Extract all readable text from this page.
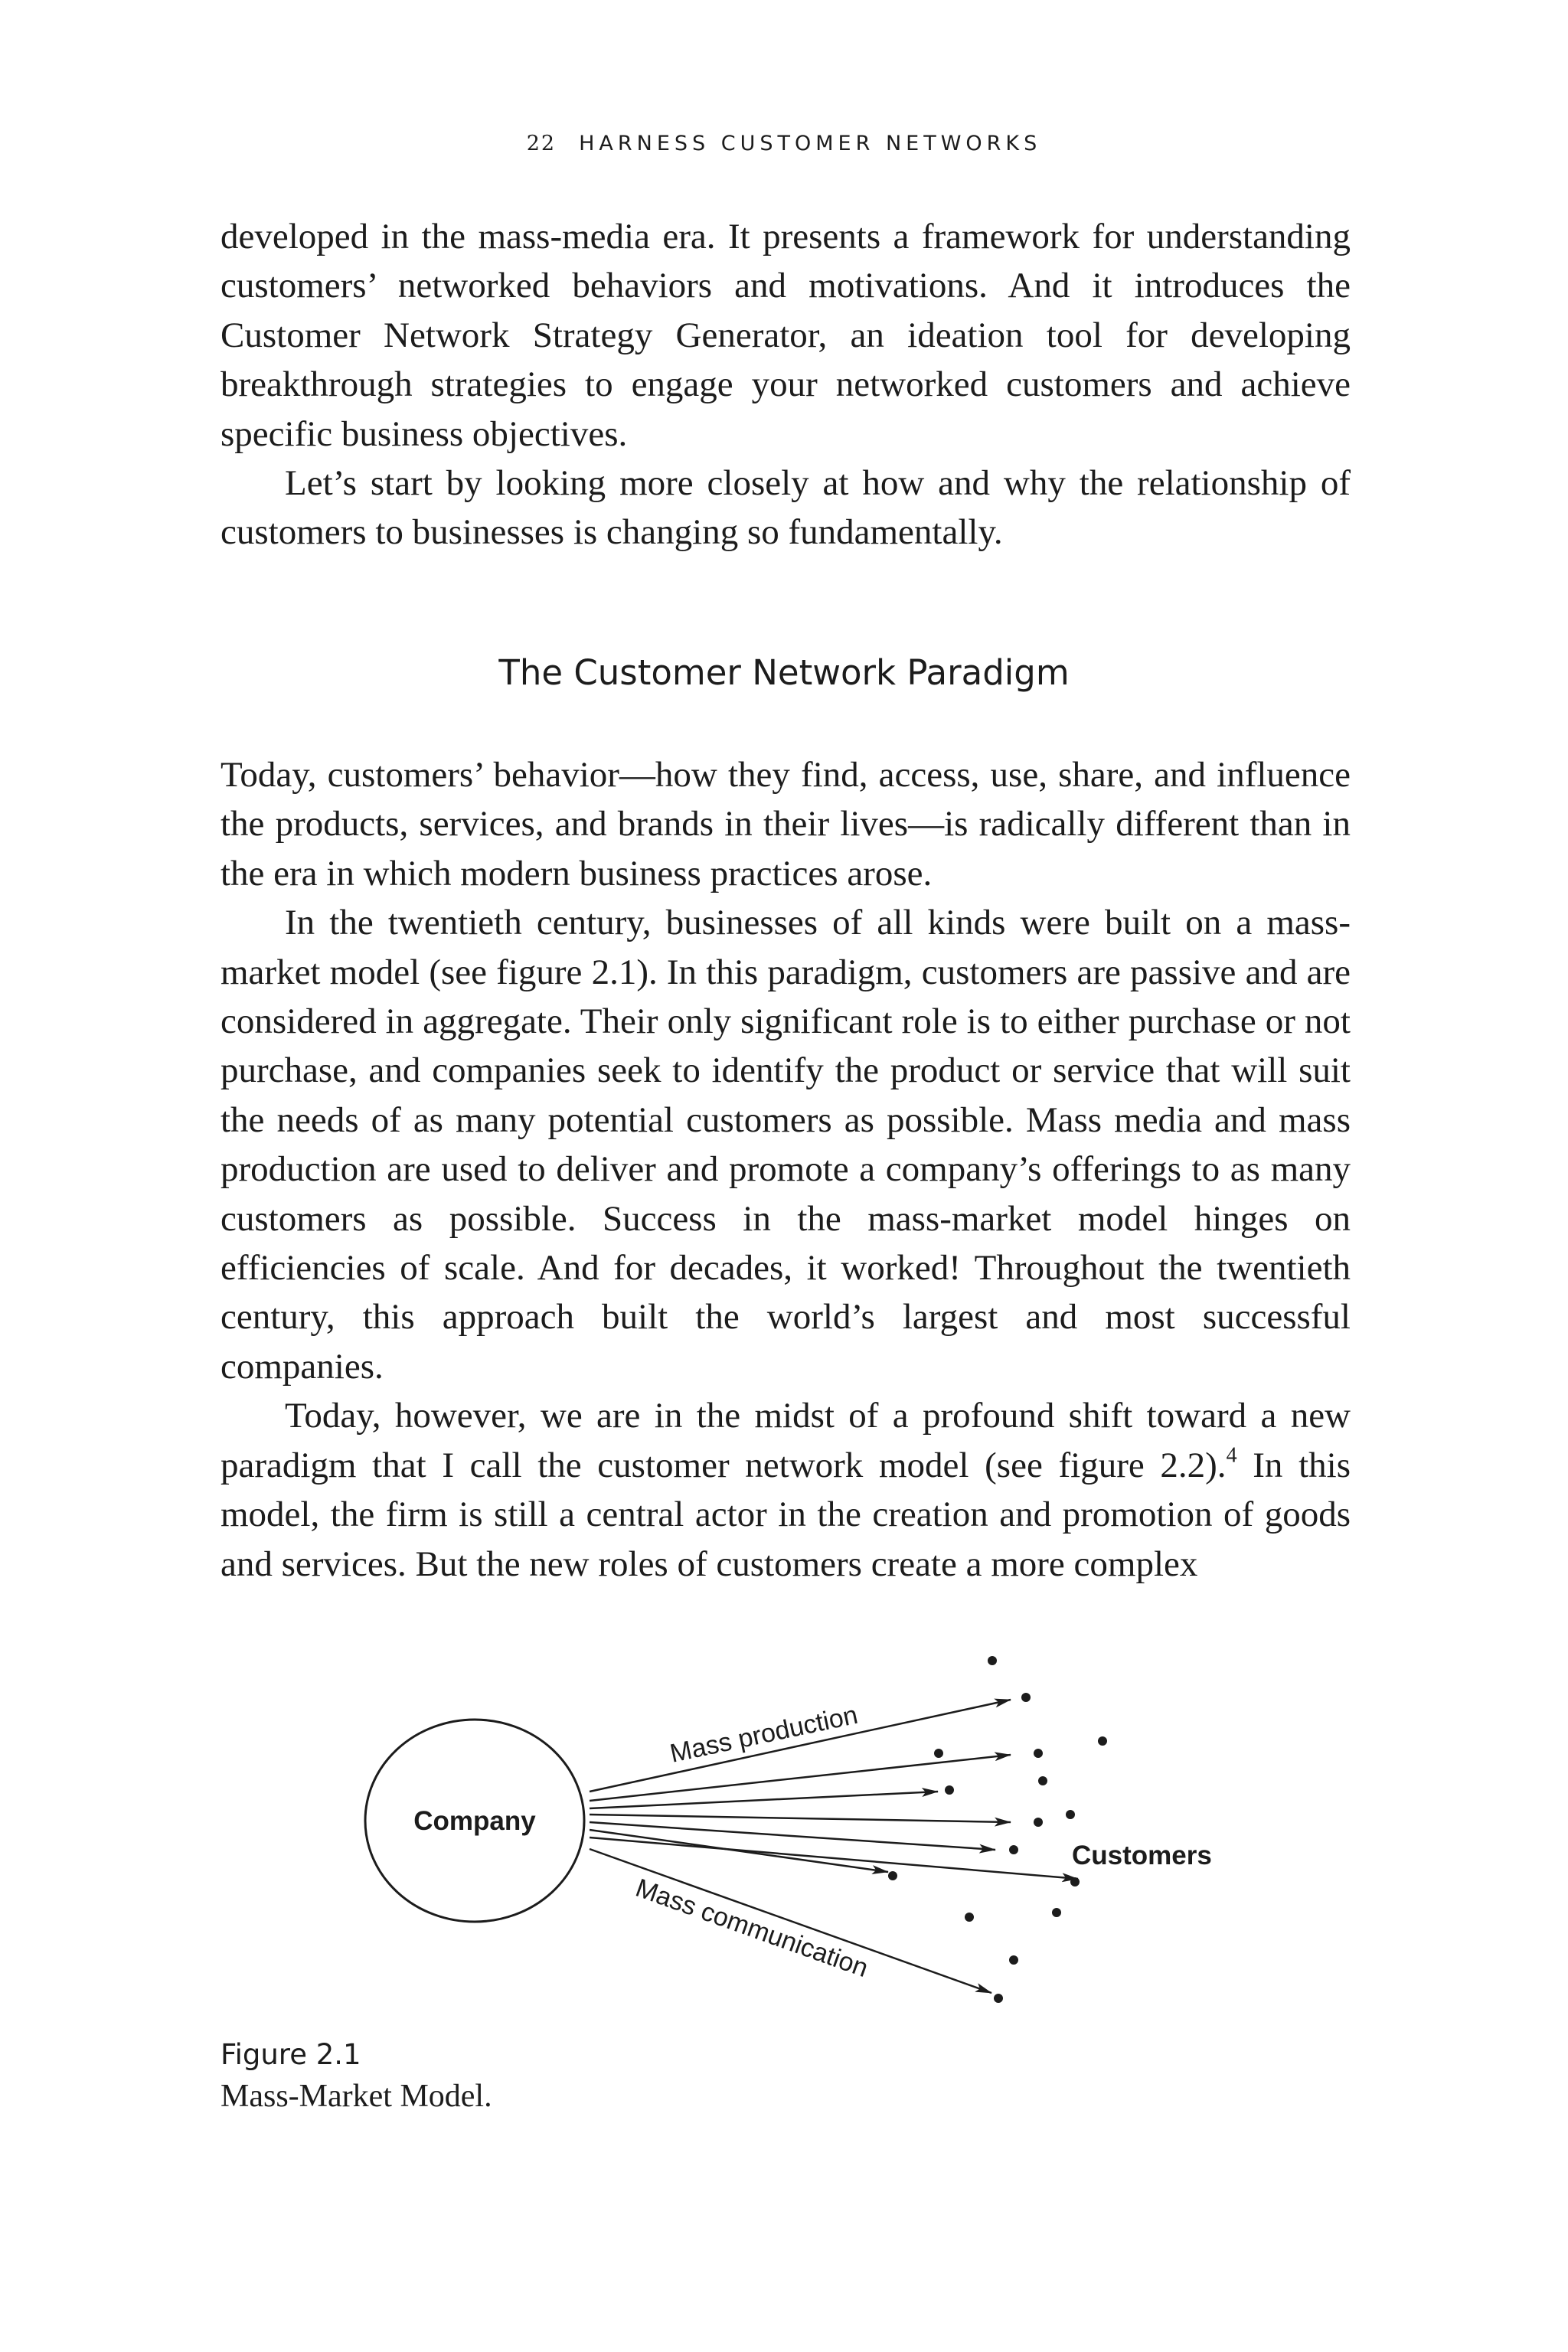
22 HARNESS CUSTOMER NETWORKS

developed in the mass-media era. It presents a framework for understanding customers’ networked behaviors and motivations. And it introduces the Customer Network Strategy Generator, an ideation tool for developing breakthrough strategies to engage your networked customers and achieve specific business objectives.

Let’s start by looking more closely at how and why the relationship of customers to businesses is changing so fundamentally.

The Customer Network Paradigm

Today, customers’ behavior—how they find, access, use, share, and influence the products, services, and brands in their lives—is radically different than in the era in which modern business practices arose.

In the twentieth century, businesses of all kinds were built on a mass-market model (see figure 2.1). In this paradigm, customers are passive and are considered in aggregate. Their only significant role is to either purchase or not purchase, and companies seek to identify the product or service that will suit the needs of as many potential customers as possible. Mass media and mass production are used to deliver and promote a company’s offerings to as many customers as possible. Success in the mass-market model hinges on efficiencies of scale. And for decades, it worked! Throughout the twentieth century, this approach built the world’s largest and most successful companies.

Today, however, we are in the midst of a profound shift toward a new paradigm that I call the customer network model (see figure 2.2).$^4$ In this model, the firm is still a central actor in the creation and promotion of goods and services. But the new roles of customers create a more complex

Company
Mass production
Mass communication
Customers
Figure 2.1
Mass-Market Model.
